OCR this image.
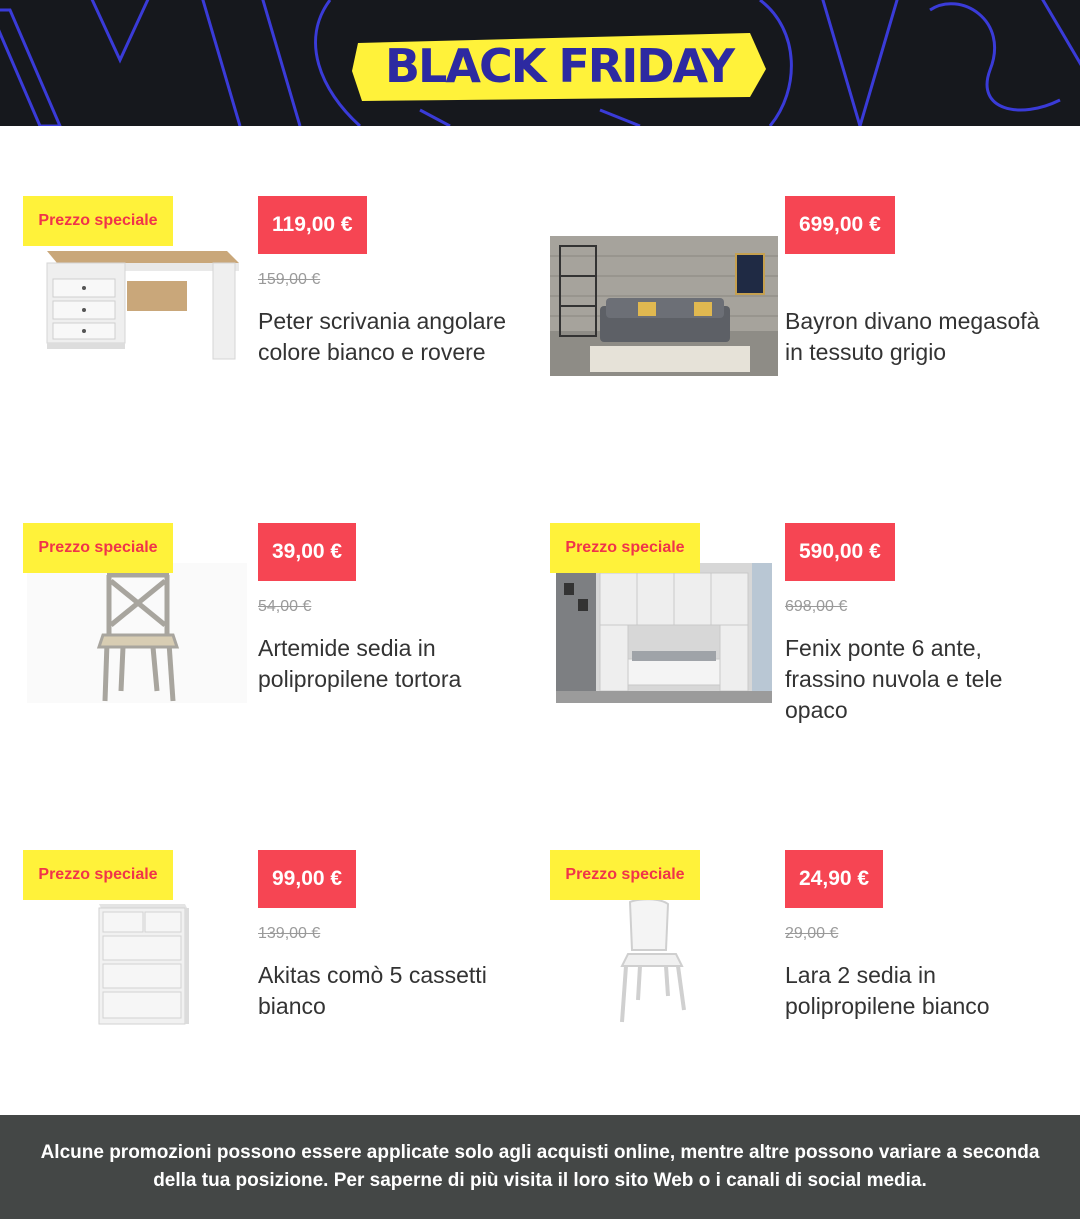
BLACK FRIDAY
Prezzo speciale	119,00 €
159,00 €
Peter scrivania angolare colore bianco e rovere
699,00 €
Bayron divano megasofà in tessuto grigio
Prezzo speciale	39,00 €
54,00 €
Artemide sedia in polipropilene tortora
Prezzo speciale	590,00 €
698,00 €
Fenix ponte 6 ante, frassino nuvola e tele opaco
Prezzo speciale	99,00 €
139,00 €
Akitas comò 5 cassetti bianco
Prezzo speciale	24,90 €
29,00 €
Lara 2 sedia in polipropilene bianco

Alcune promozioni possono essere applicate solo agli acquisti online, mentre altre possono variare a seconda della tua posizione. Per saperne di più visita il loro sito Web o i canali di social media.
